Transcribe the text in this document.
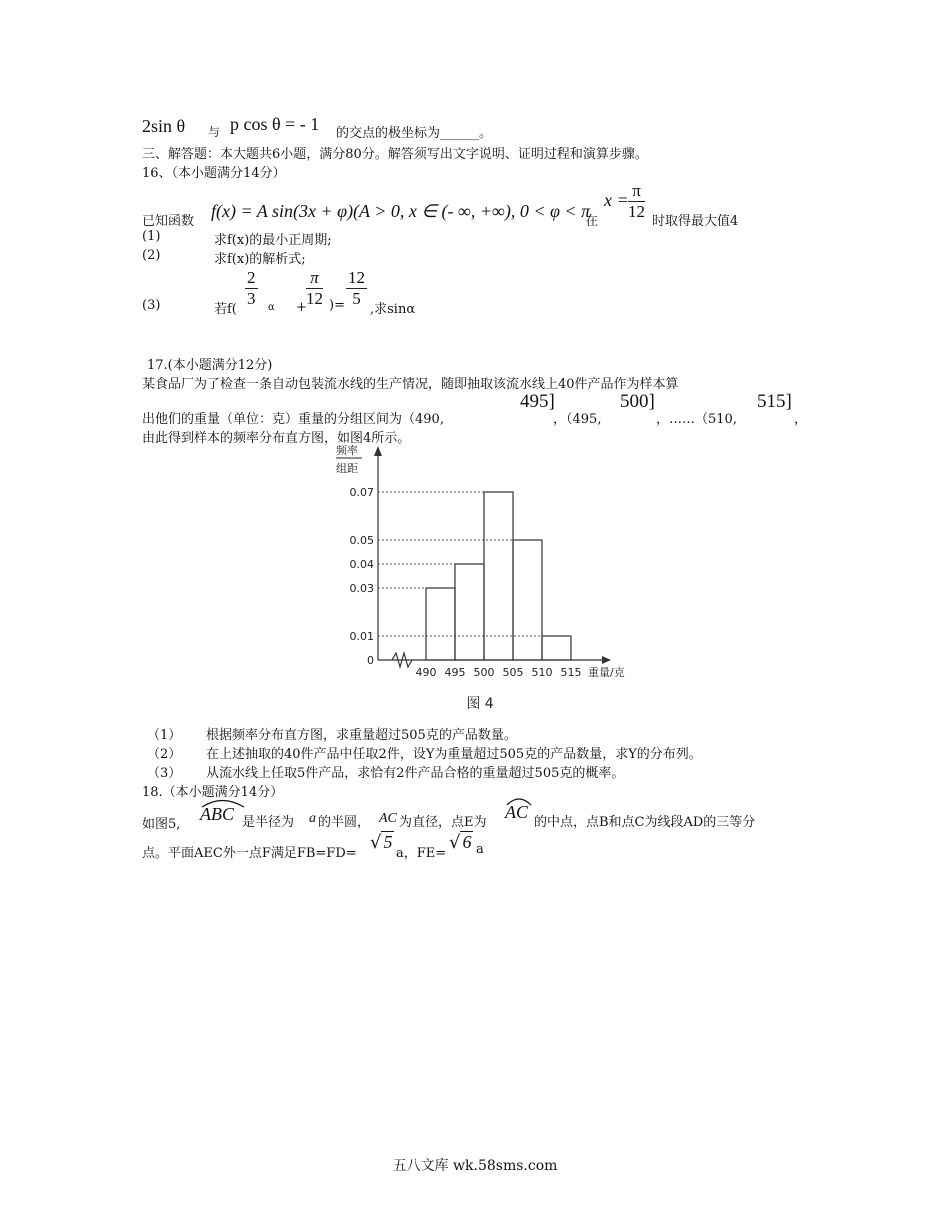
2sin θ 与 p cos θ = - 1 的交点的极坐标为______。
三、解答题：本大题共6小题，满分80分。解答须写出文字说明、证明过程和演算步骤。
16、（本小题满分14分）
已知函数
f(x) = A sin(3x + φ)(A > 0, x ∈ (- ∞, +∞), 0 < φ < π
在
$x = \frac{\pi}{12}$ 时取得最大值4
(1)	求f(x)的最小正周期;
(2)	求f(x)的解析式;
(3)	若f(
$\frac{2}{3}$ $\alpha + \frac{\pi}{12}$ )= $\frac{12}{5}$
,求sinα
17.(本小题满分12分)
某食品厂为了检查一条自动包装流水线的生产情况，随即抽取该流水线上40件产品作为样本算
出他们的重量（单位：克）重量的分组区间为（490,
495]
，（495,
500]
，……（510,
515]
，
由此得到样本的频率分布直方图，如图4所示。
频率
组距
0.07
0.05
0.04
0.03
0.01
0
490 495 500 505 510 515 重量/克
图 4
（1） 根据频率分布直方图，求重量超过505克的产品数量。
（2） 在上述抽取的40件产品中任取2件，设Y为重量超过505克的产品数量，求Y的分布列。
（3） 从流水线上任取5件产品，求恰有2件产品合格的重量超过505克的概率。
18.（本小题满分14分）
如图5,
ABC 是半径为 a 的半圆， AC 为直径，点E为
AC
的中点，点B和点C为线段AD的三等分
点。平面AEC外一点F满足FB=FD=
√ 5
a，FE=
√ 6 a
五八文库 wk.58sms.com
